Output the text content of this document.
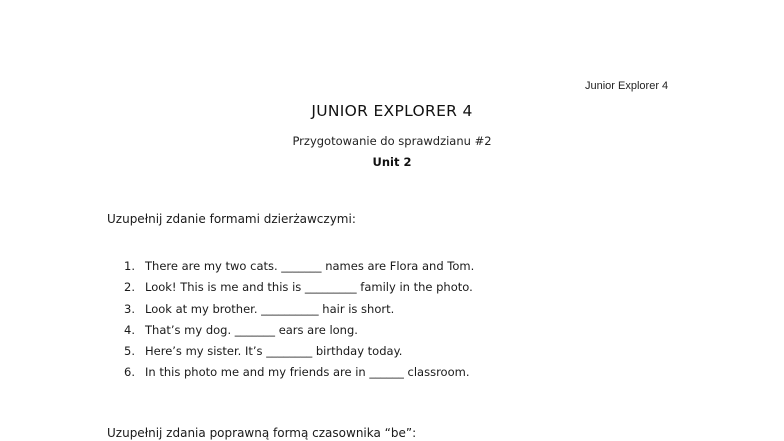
Junior Explorer 4
JUNIOR EXPLORER 4
Przygotowanie do sprawdzianu #2
Unit 2
Uzupełnij zdanie formami dzierżawczymi:
1. There are my two cats. _______ names are Flora and Tom.
2. Look! This is me and this is _________ family in the photo.
3. Look at my brother. __________ hair is short.
4. That’s my dog. _______ ears are long.
5. Here’s my sister. It’s ________ birthday today.
6. In this photo me and my friends are in ______ classroom.
Uzupełnij zdania poprawną formą czasownika “be”:
